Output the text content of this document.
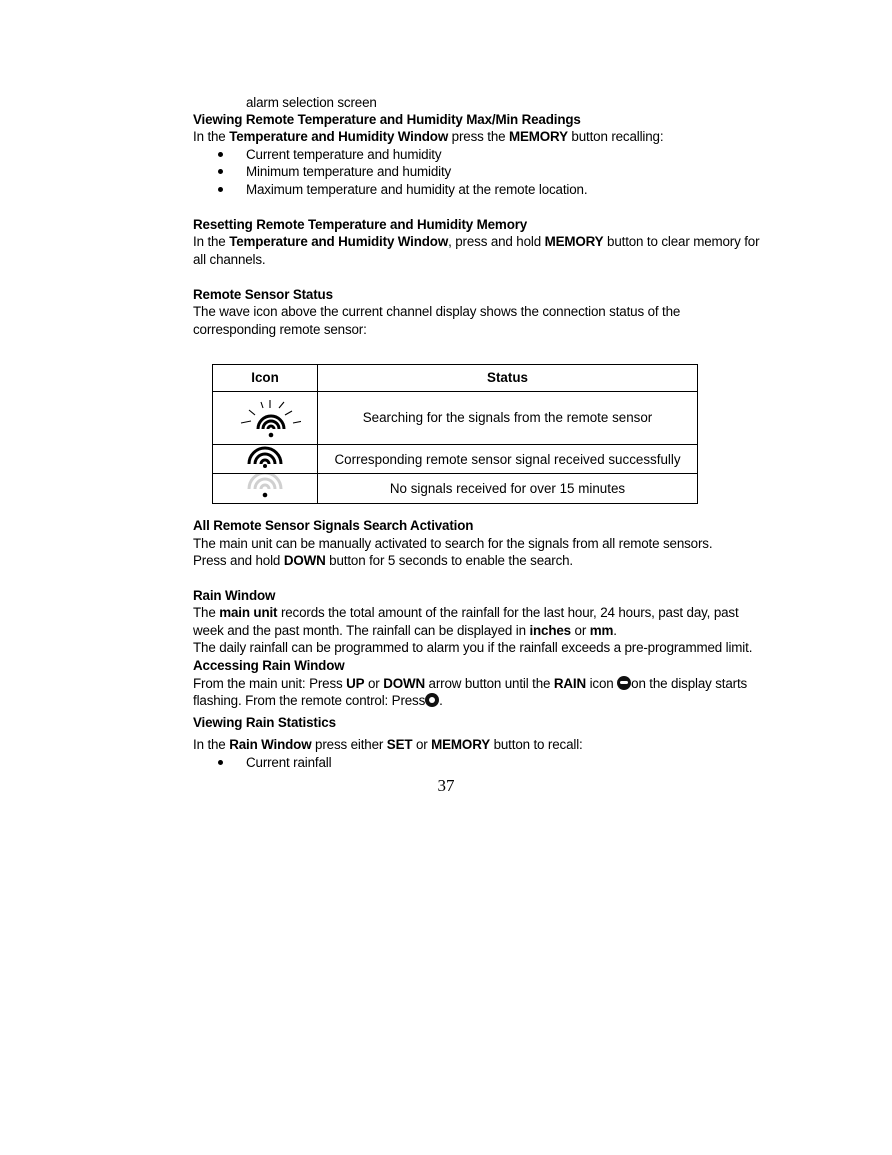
alarm selection screen
Viewing Remote Temperature and Humidity Max/Min Readings
In the Temperature and Humidity Window press the MEMORY button recalling:
Current temperature and humidity
Minimum temperature and humidity
Maximum temperature and humidity at the remote location.
Resetting Remote Temperature and Humidity Memory
In the Temperature and Humidity Window, press and hold MEMORY button to clear memory for
all channels.
Remote Sensor Status
The wave icon above the current channel display shows the connection status of the
corresponding remote sensor:
Icon	Status
	Searching for the signals from the remote sensor
	Corresponding remote sensor signal received successfully
	No signals received for over 15 minutes
All Remote Sensor Signals Search Activation
The main unit can be manually activated to search for the signals from all remote sensors.
Press and hold DOWN button for 5 seconds to enable the search.
Rain Window
The main unit records the total amount of the rainfall for the last hour, 24 hours, past day, past
week and the past month. The rainfall can be displayed in inches or mm.
The daily rainfall can be programmed to alarm you if the rainfall exceeds a pre-programmed limit.
Accessing Rain Window
From the main unit: Press UP or DOWN arrow button until the RAIN icon on the display starts
flashing. From the remote control: Press .
Viewing Rain Statistics
In the Rain Window press either SET or MEMORY button to recall:
Current rainfall
37
